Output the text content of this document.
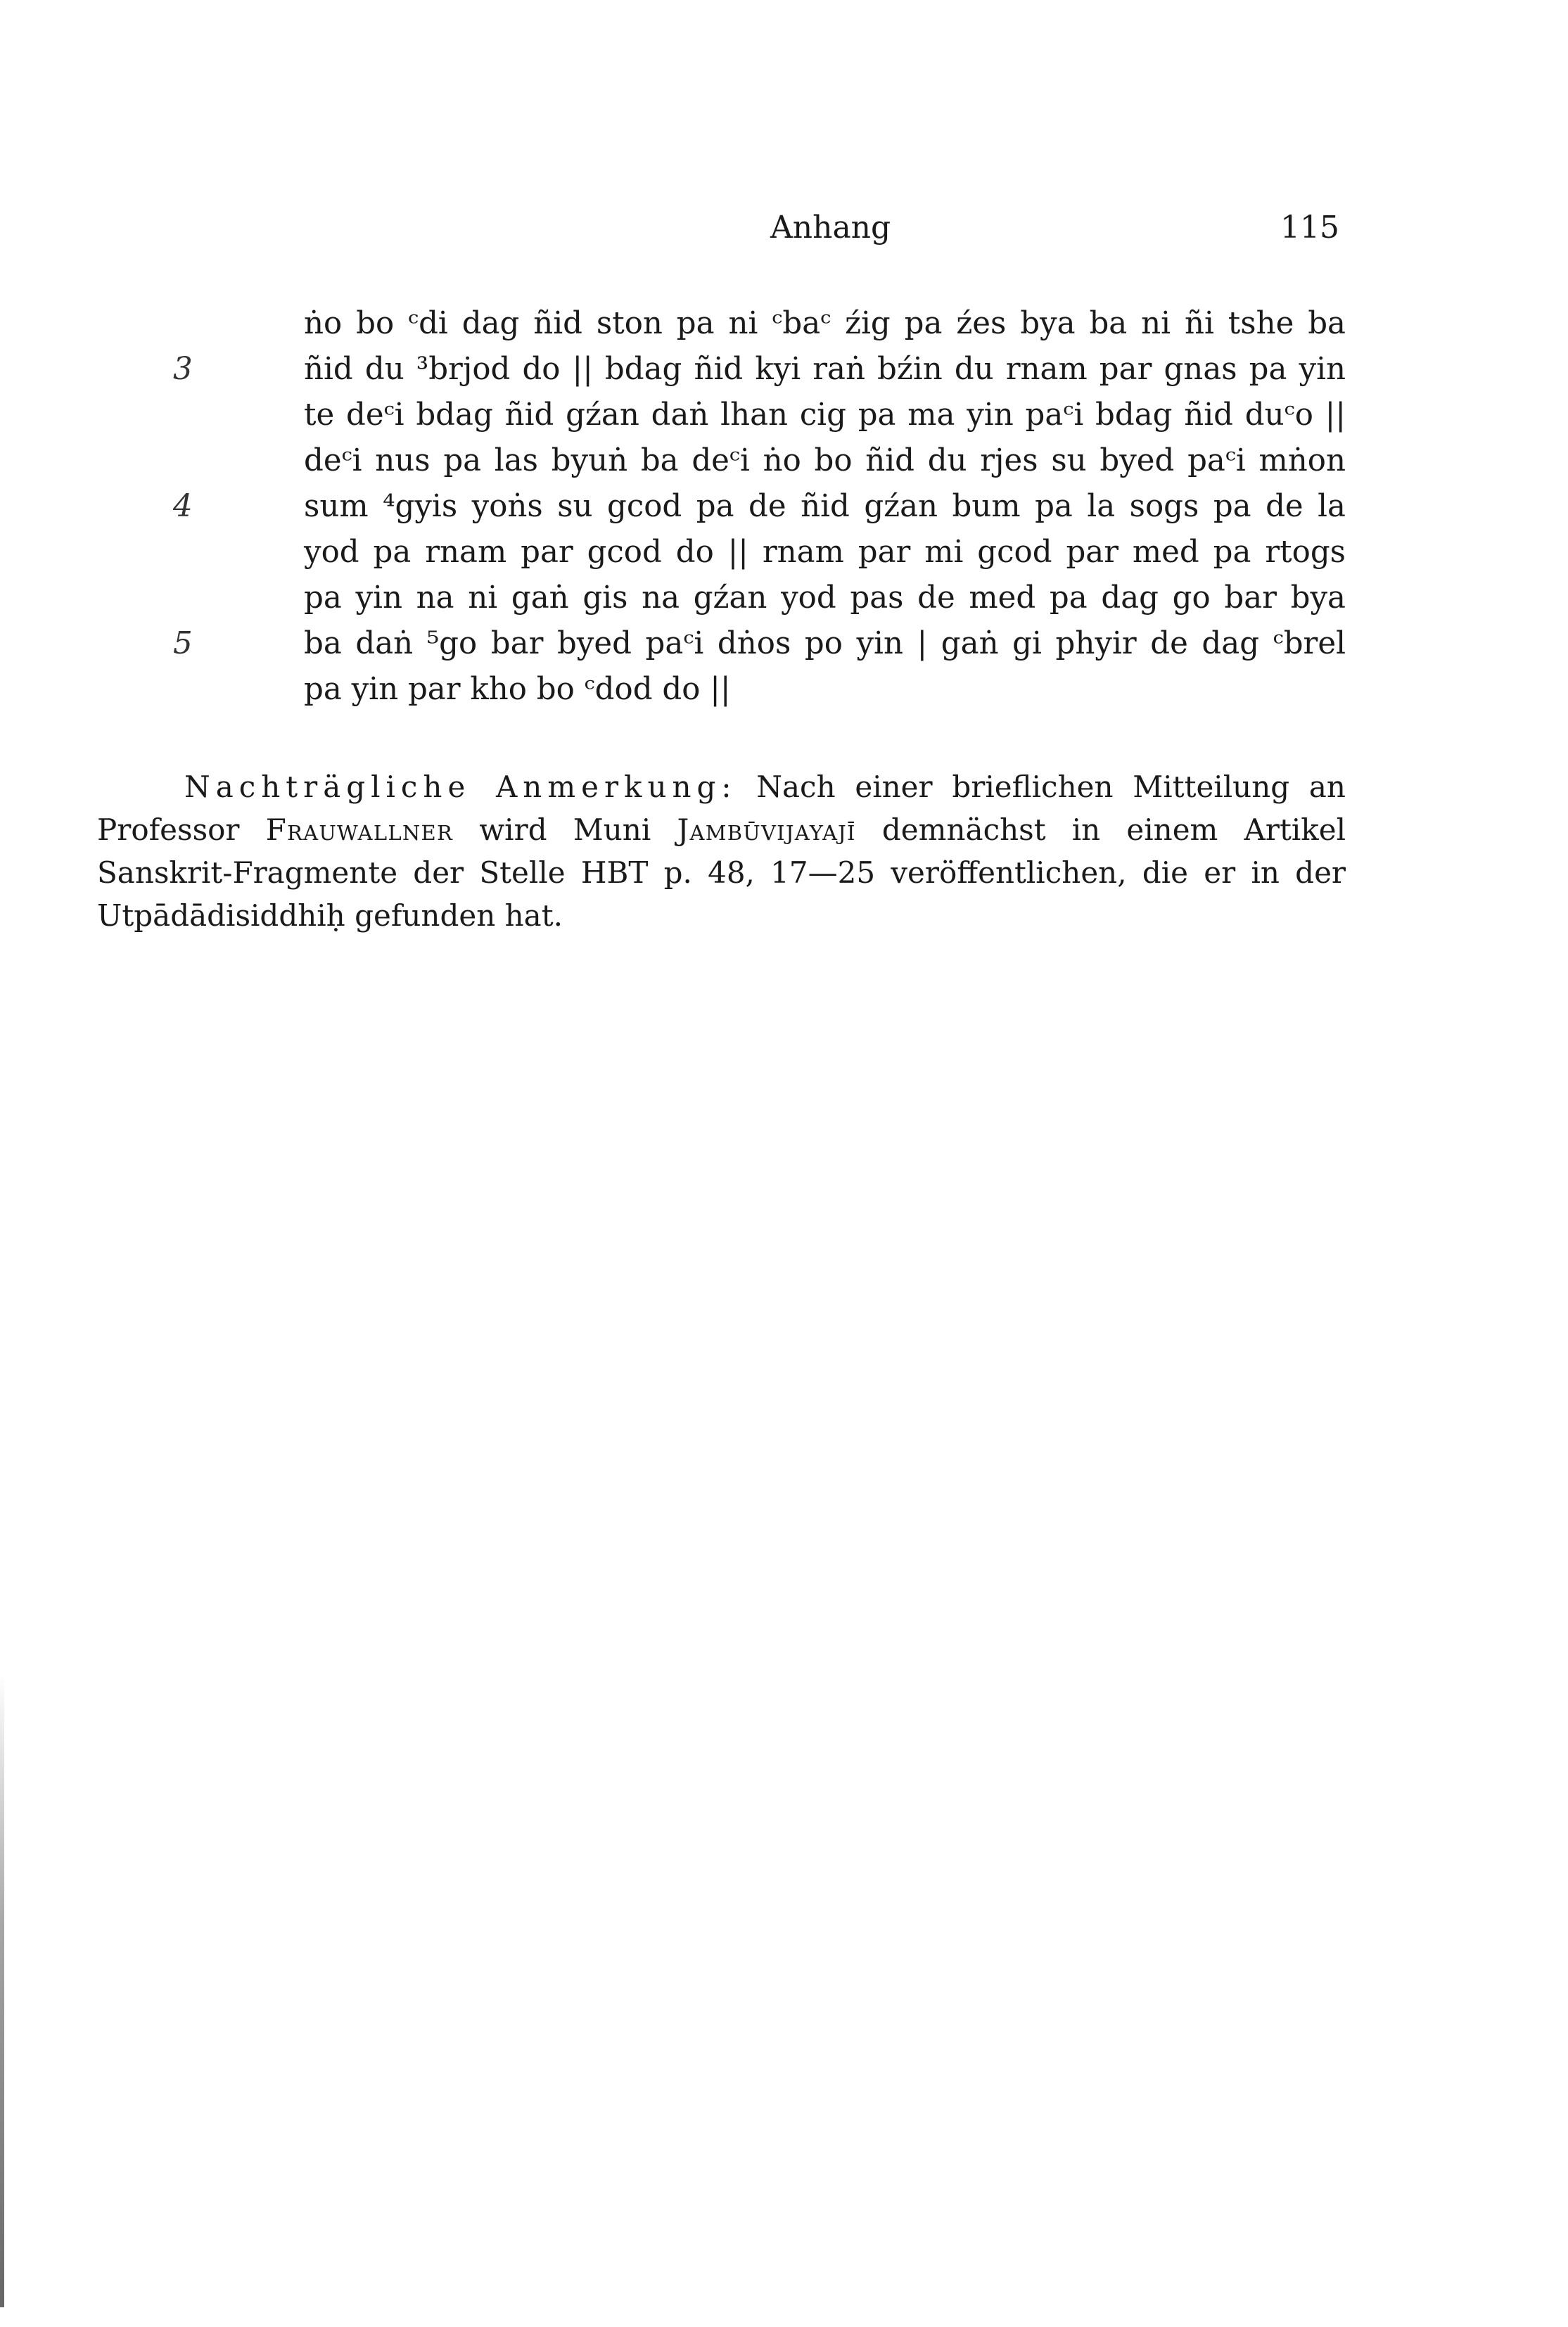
Anhang	115
ṅo bo ᶜdi dag ñid ston pa ni ᶜbaᶜ źig pa źes bya ba ni ñi tshe ba
3	ñid du ³brjod do || bdag ñid kyi raṅ bźin du rnam par gnas pa yin
te deᶜi bdag ñid gźan daṅ lhan cig pa ma yin paᶜi bdag ñid duᶜo ||
deᶜi nus pa las byuṅ ba deᶜi ṅo bo ñid du rjes su byed paᶜi mṅon
4	sum ⁴gyis yoṅs su gcod pa de ñid gźan bum pa la sogs pa de la
yod pa rnam par gcod do || rnam par mi gcod par med pa rtogs
pa yin na ni gaṅ gis na gźan yod pas de med pa dag go bar bya
5	ba daṅ ⁵go bar byed paᶜi dṅos po yin | gaṅ gi phyir de dag ᶜbrel
pa yin par kho bo ᶜdod do ||
Nachträgliche Anmerkung: Nach einer brieflichen Mitteilung an
Professor Frauwallner wird Muni Jambūvijayajī demnächst in einem Artikel
Sanskrit-Fragmente der Stelle HBT p. 48, 17—25 veröffentlichen, die er in der
Utpādādisiddhiḥ gefunden hat.
